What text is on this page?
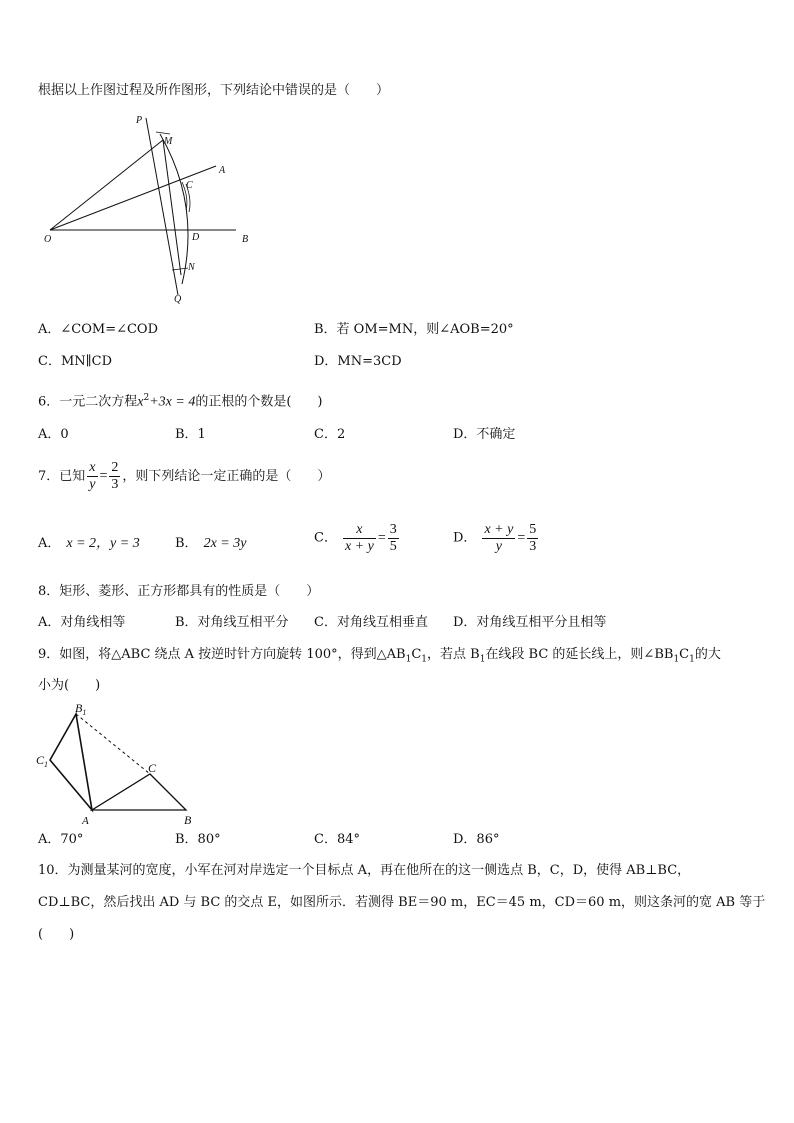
根据以上作图过程及所作图形，下列结论中错误的是（　　）
P
M
A
C
O	D	B
N
Q
A．∠COM=∠COD	B．若 OM=MN，则∠AOB=20°
C．MN∥CD	D．MN=3CD
6．一元二次方程$x^2+3x = 4$的正根的个数是(　　)
A．0	B．1	C．2	D．不确定
7．已知 $\frac{x}{y} = \frac{2}{3}$ ，则下列结论一定正确的是（　　）
A． x = 2，y = 3	B． 2x = 3y	C． $\frac{x}{x + y} = \frac{3}{5}$	D． $\frac{x + y}{y} = \frac{5}{3}$
8．矩形、菱形、正方形都具有的性质是（　　）
A．对角线相等	B．对角线互相平分 C．对角线互相垂直 D．对角线互相平分且相等
9．如图，将△ABC 绕点 A 按逆时针方向旋转 100°，得到$\triangle AB_1C_1$，若点 $B_1$在线段 BC 的延长线上，则$\angle BB_1C_1$的大
小为(　　)
$B_1$
$C_1$	C
A	B
A．70°	B．80°	C．84°	D．86°
10．为测量某河的宽度，小军在河对岸选定一个目标点 A，再在他所在的这一侧选点 B，C，D，使得 AB⊥BC，
CD⊥BC，然后找出 AD 与 BC 的交点 E，如图所示．若测得 BE＝90 m，EC＝45 m，CD＝60 m，则这条河的宽 AB 等于
(　　)
